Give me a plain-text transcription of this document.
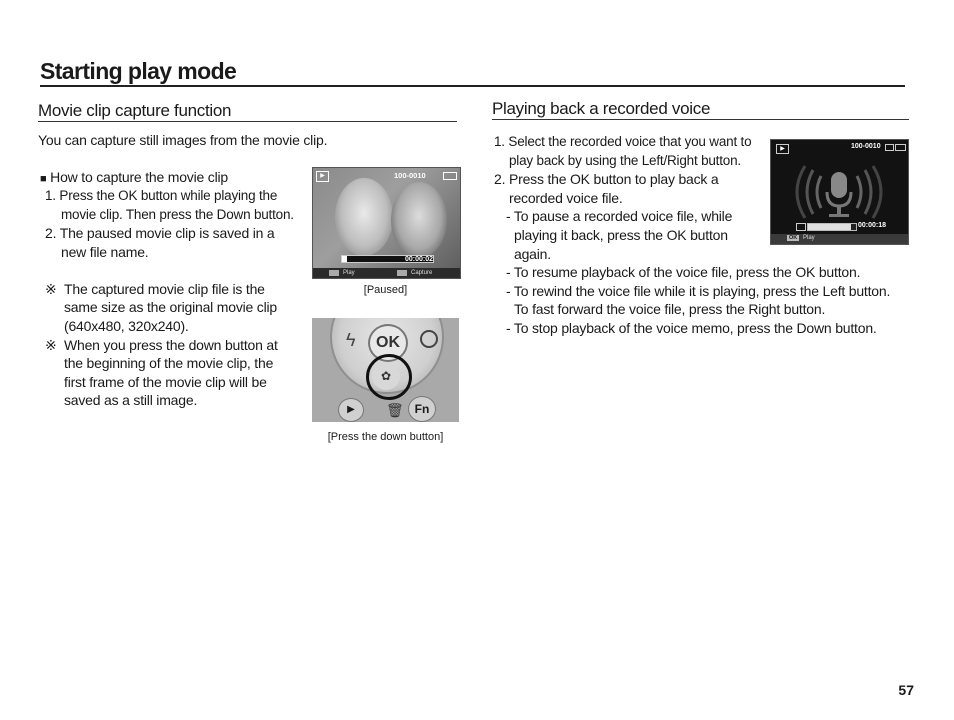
Starting play mode
Movie clip capture function
You can capture still images from the movie clip.
■ How to capture the movie clip
1. Press the OK button while playing the
movie clip. Then press the Down button.
2. The paused movie clip is saved in a
new file name.
※ The captured movie clip file is the
same size as the original movie clip
(640x480, 320x240).
※ When you press the down button at
the beginning of the movie clip, the
first frame of the movie clip will be
saved as a still image.
▶	100-0010
00:00:02
Play	Capture
[Paused]
OK
ϟ
✿
▶	🗑 Fn
[Press the down button]
Playing back a recorded voice
1. Select the recorded voice that you want to
play back by using the Left/Right button.
2. Press the OK button to play back a
recorded voice file.
- To pause a recorded voice file, while
playing it back, press the OK button
again.
- To resume playback of the voice file, press the OK button.
- To rewind the voice file while it is playing, press the Left button.
To fast forward the voice file, press the Right button.
- To stop playback of the voice memo, press the Down button.
▶	100-0010
00:00:18
OK Play
57
